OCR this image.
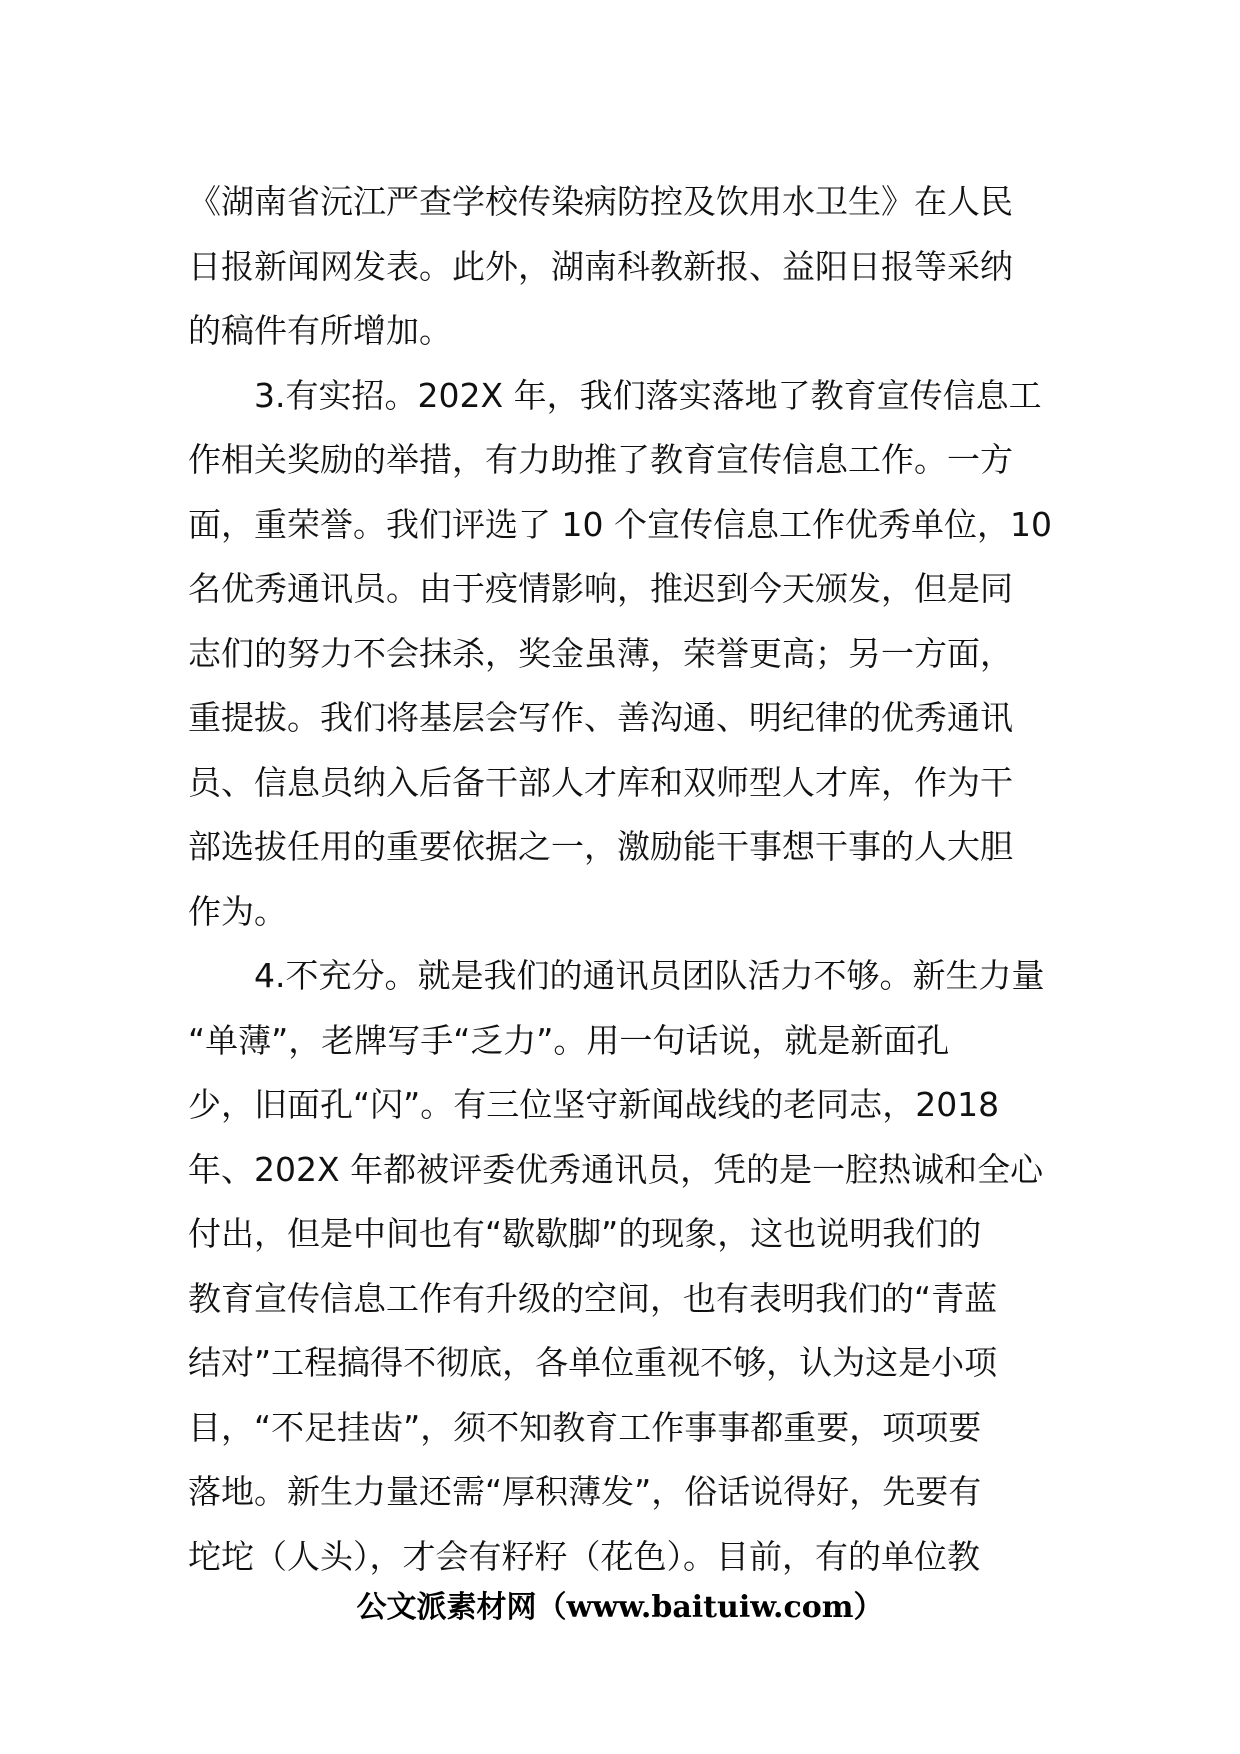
《湖南省沅江严查学校传染病防控及饮用水卫生》在人民
日报新闻网发表。此外，湖南科教新报、益阳日报等采纳
的稿件有所增加。
3.有实招。202X 年，我们落实落地了教育宣传信息工
作相关奖励的举措，有力助推了教育宣传信息工作。一方
面，重荣誉。我们评选了 10 个宣传信息工作优秀单位，10
名优秀通讯员。由于疫情影响，推迟到今天颁发，但是同
志们的努力不会抹杀，奖金虽薄，荣誉更高；另一方面，
重提拔。我们将基层会写作、善沟通、明纪律的优秀通讯
员、信息员纳入后备干部人才库和双师型人才库，作为干
部选拔任用的重要依据之一，激励能干事想干事的人大胆
作为。
4.不充分。就是我们的通讯员团队活力不够。新生力量
“单薄”，老牌写手“乏力”。用一句话说，就是新面孔
少，旧面孔“闪”。有三位坚守新闻战线的老同志，2018
年、202X 年都被评委优秀通讯员，凭的是一腔热诚和全心
付出，但是中间也有“歇歇脚”的现象，这也说明我们的
教育宣传信息工作有升级的空间，也有表明我们的“青蓝
结对”工程搞得不彻底，各单位重视不够，认为这是小项
目，“不足挂齿”，须不知教育工作事事都重要，项项要
落地。新生力量还需“厚积薄发”，俗话说得好，先要有
坨坨（人头），才会有籽籽（花色）。目前，有的单位教
公文派素材网（www.baituiw.com）
